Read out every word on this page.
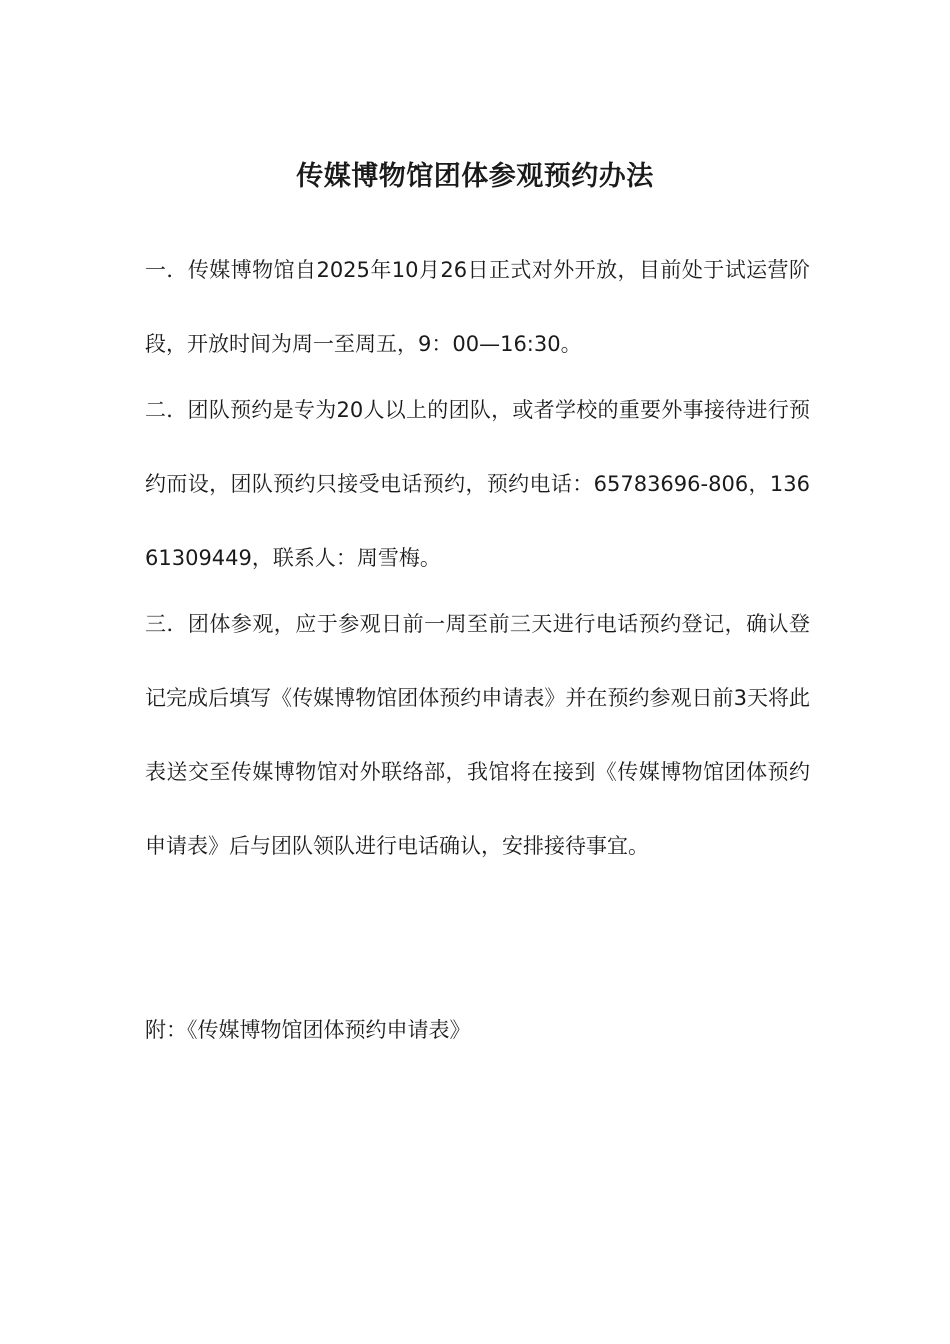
传媒博物馆团体参观预约办法

一．传媒博物馆自2025年10月26日正式对外开放，目前处于试运营阶段，开放时间为周一至周五，9：00—16:30。

二．团队预约是专为20人以上的团队，或者学校的重要外事接待进行预约而设，团队预约只接受电话预约，预约电话：65783696-806，13661309449，联系人：周雪梅。

三．团体参观，应于参观日前一周至前三天进行电话预约登记，确认登记完成后填写《传媒博物馆团体预约申请表》并在预约参观日前3天将此表送交至传媒博物馆对外联络部，我馆将在接到《传媒博物馆团体预约申请表》后与团队领队进行电话确认，安排接待事宜。

附：《传媒博物馆团体预约申请表》
